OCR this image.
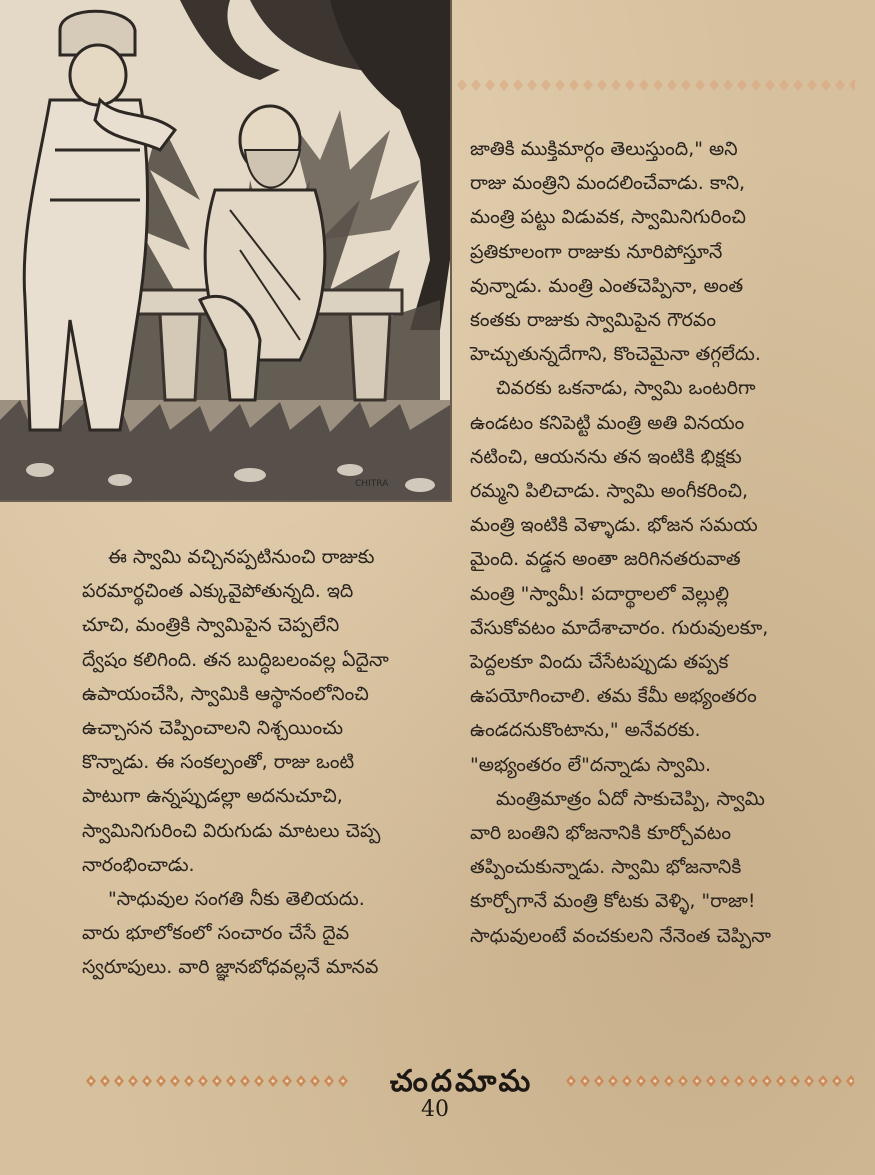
CHITRA

జాతికి ముక్తిమార్గం తెలుస్తుంది," అని

రాజు మంత్రిని మందలించేవాడు. కాని,

మంత్రి పట్టు విడువక, స్వామినిగురించి

ప్రతికూలంగా రాజుకు నూరిపోస్తూనే

వున్నాడు. మంత్రి ఎంతచెప్పినా, అంత

కంతకు రాజుకు స్వామిపైన గౌరవం

హెచ్చుతున్నదేగాని, కొంచెమైనా తగ్గలేదు.

చివరకు ఒకనాడు, స్వామి ఒంటరిగా

ఉండటం కనిపెట్టి మంత్రి అతి వినయం

నటించి, ఆయనను తన ఇంటికి భిక్షకు

రమ్మని పిలిచాడు. స్వామి అంగీకరించి,

మంత్రి ఇంటికి వెళ్ళాడు. భోజన సమయ

మైంది. వడ్డన అంతా జరిగినతరువాత

మంత్రి "స్వామీ! పదార్థాలలో వెల్లుల్లి

వేసుకోవటం మాదేశాచారం. గురువులకూ,

పెద్దలకూ విందు చేసేటప్పుడు తప్పక

ఉపయోగించాలి. తమ కేమీ అభ్యంతరం

ఉండదనుకొంటాను," అనేవరకు.

"అభ్యంతరం లే"దన్నాడు స్వామి.

మంత్రిమాత్రం ఏదో సాకుచెప్పి, స్వామి

వారి బంతిని భోజనానికి కూర్చోవటం

తప్పించుకున్నాడు. స్వామి భోజనానికి

కూర్చోగానే మంత్రి కోటకు వెళ్ళి, "రాజా!

సాధువులంటే వంచకులని నేనెంత చెప్పినా

ఈ స్వామి వచ్చినప్పటినుంచి రాజుకు

పరమార్థచింత ఎక్కువైపోతున్నది. ఇది

చూచి, మంత్రికి స్వామిపైన చెప్పలేని

ద్వేషం కలిగింది. తన బుద్ధిబలంవల్ల ఏదైనా

ఉపాయంచేసి, స్వామికి ఆస్థానంలోనించి

ఉచ్చాసన చెప్పించాలని నిశ్చయించు

కొన్నాడు. ఈ సంకల్పంతో, రాజు ఒంటి

పాటుగా ఉన్నప్పుడల్లా అదనుచూచి,

స్వామినిగురించి విరుగుడు మాటలు చెప్ప

నారంభించాడు.

"సాధువుల సంగతి నీకు తెలియదు.

వారు భూలోకంలో సంచారం చేసే దైవ

స్వరూపులు. వారి జ్ఞానబోధవల్లనే మానవ

చందమామ
40
